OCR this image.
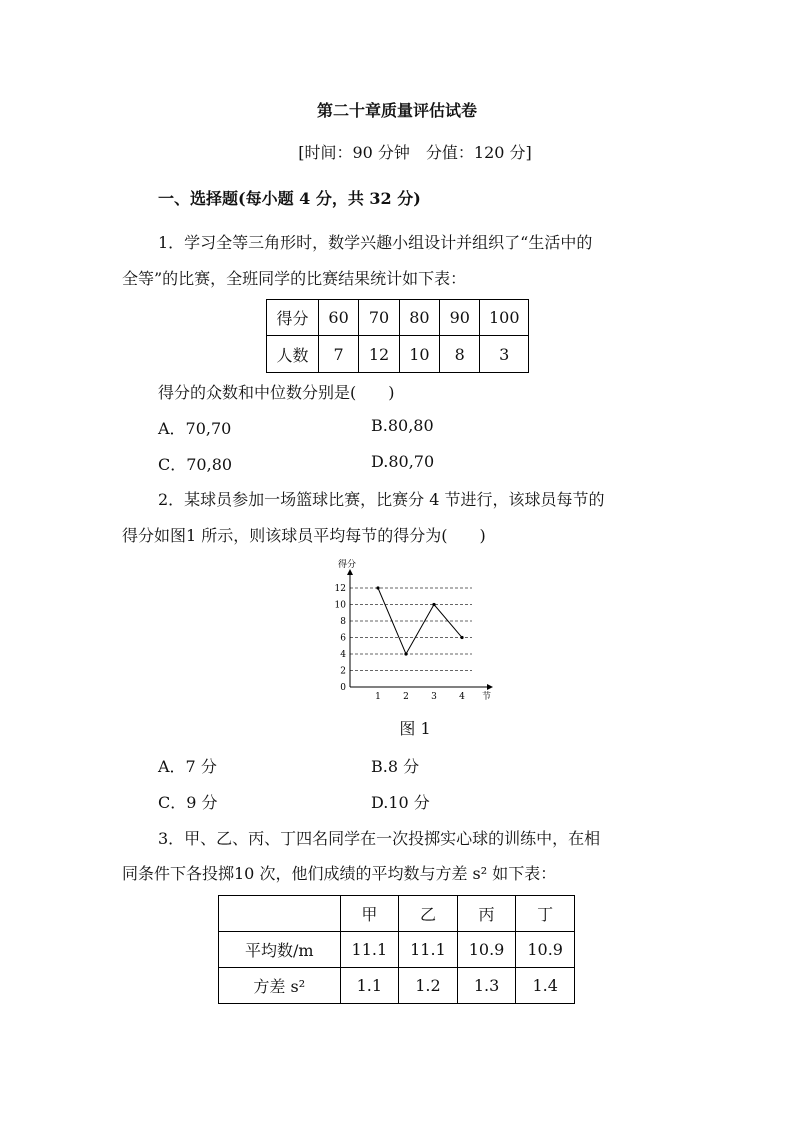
第二十章质量评估试卷
[时间：90 分钟　分值：120 分]
一、选择题(每小题 4 分，共 32 分)
1．学习全等三角形时，数学兴趣小组设计并组织了“生活中的
全等”的比赛，全班同学的比赛结果统计如下表：
得分	60	70	80	90	100
人数	7	12	10	8	3
得分的众数和中位数分别是(　　)
A．70,70	B.80,80
C．70,80	D.80,70
2．某球员参加一场篮球比赛，比赛分 4 节进行，该球员每节的
得分如图1 所示，则该球员平均每节的得分为(　　)
得分
节
0
2
4
6
8
10
12
1 2 3 4
图 1
A．7 分	B.8 分
C．9 分	D.10 分
3．甲、乙、丙、丁四名同学在一次投掷实心球的训练中，在相
同条件下各投掷10 次，他们成绩的平均数与方差 s² 如下表：
	甲	乙	丙	丁
平均数/m	11.1	11.1	10.9	10.9
方差 s²	1.1	1.2	1.3	1.4
